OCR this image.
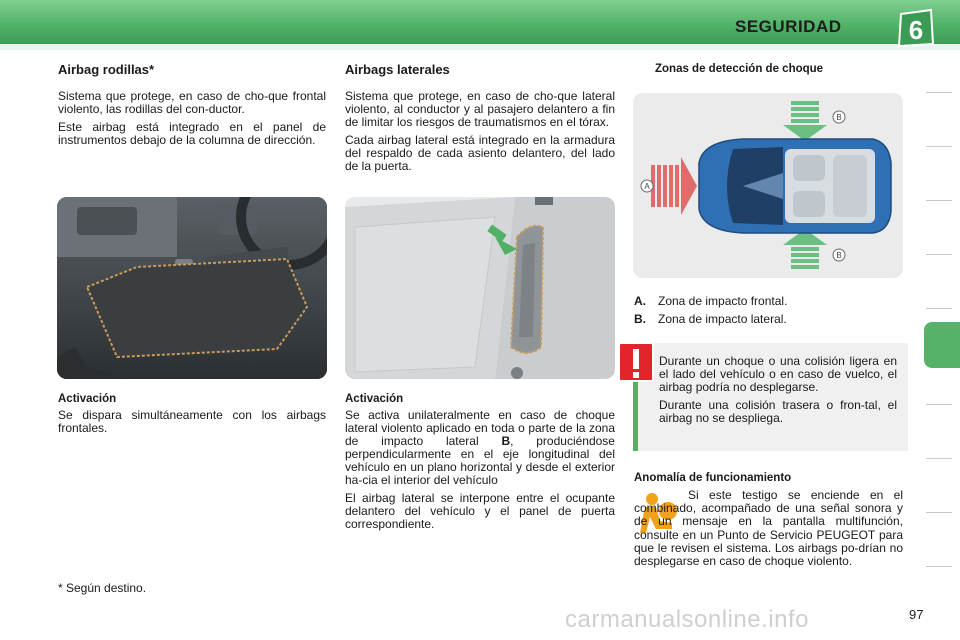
SEGURIDAD	6
Airbag rodillas*

Sistema que protege, en caso de cho-que frontal violento, las rodillas del con-ductor.

Este airbag está integrado en el panel de instrumentos debajo de la columna de dirección.

Activación

Se dispara simultáneamente con los airbags frontales.

* Según destino.
Airbags laterales

Sistema que protege, en caso de cho-que lateral violento, al conductor y al pasajero delantero a fin de limitar los riesgos de traumatismos en el tórax.

Cada airbag lateral está integrado en la armadura del respaldo de cada asiento delantero, del lado de la puerta.

Activación

Se activa unilateralmente en caso de choque lateral violento aplicado en toda o parte de la zona de impacto lateral B, produciéndose perpendicularmente en el eje longitudinal del vehículo en un plano horizontal y desde el exterior ha-cia el interior del vehículo

El airbag lateral se interpone entre el ocupante delantero del vehículo y el panel de puerta correspondiente.

Zonas de detección de choque
A
B
B
A. Zona de impacto frontal.
B. Zona de impacto lateral.

Durante un choque o una colisión ligera en el lado del vehículo o en caso de vuelco, el airbag podría no desplegarse.

Durante una colisión trasera o fron-tal, el airbag no se despliega.

Anomalía de funcionamiento

Si este testigo se enciende en el combinado, acompañado de una señal sonora y de un mensaje en la pantalla multifunción, consulte en un Punto de Servicio PEUGEOT para que le revisen el sistema. Los airbags po-drían no desplegarse en caso de choque violento.

carmanualsonline.info	97
